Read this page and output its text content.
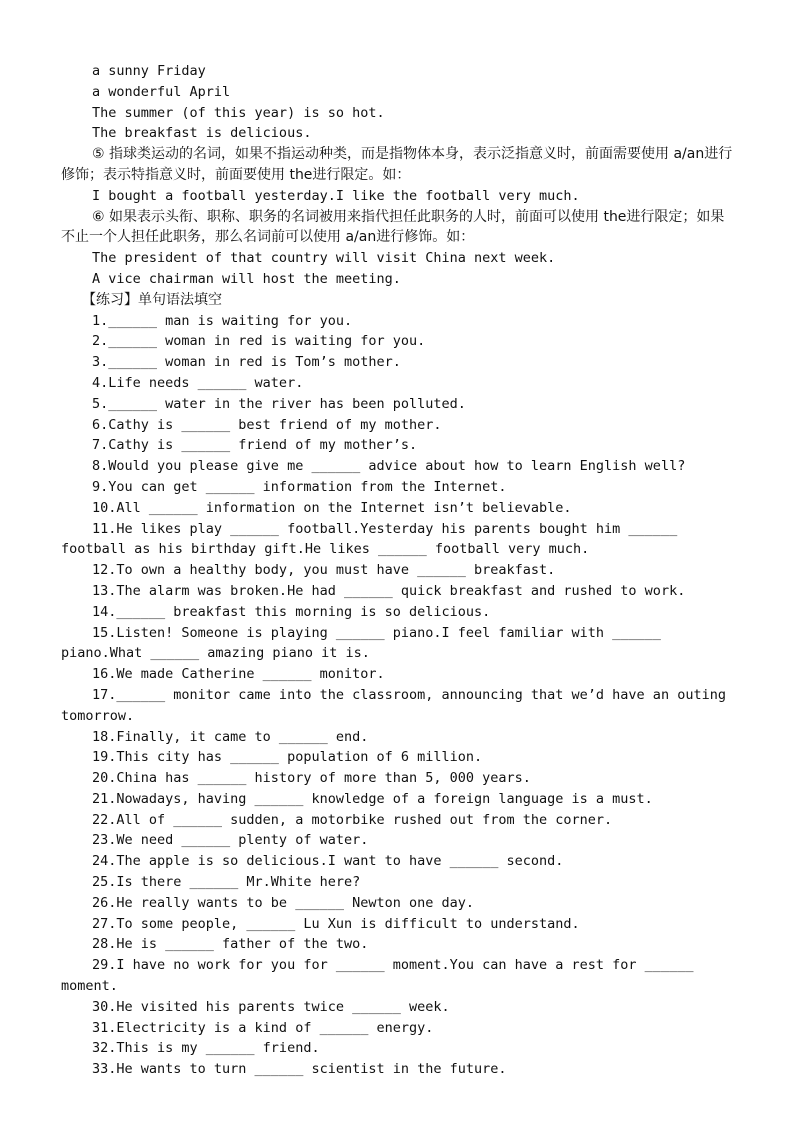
a sunny Friday

a wonderful April

The summer (of this year) is so hot.

The breakfast is delicious.

⑤ 指球类运动的名词，如果不指运动种类，而是指物体本身，表示泛指意义时，前面需要使用 a/an进行修饰；表示特指意义时，前面要使用 the进行限定。如：

I bought a football yesterday.I like the football very much.

⑥ 如果表示头衔、职称、职务的名词被用来指代担任此职务的人时，前面可以使用 the进行限定；如果不止一个人担任此职务，那么名词前可以使用 a/an进行修饰。如：

The president of that country will visit China next week.

A vice chairman will host the meeting.

【练习】单句语法填空

1.______ man is waiting for you.

2.______ woman in red is waiting for you.

3.______ woman in red is Tom’s mother.

4.Life needs ______ water.

5.______ water in the river has been polluted.

6.Cathy is ______ best friend of my mother.

7.Cathy is ______ friend of my mother’s.

8.Would you please give me ______ advice about how to learn English well?

9.You can get ______ information from the Internet.

10.All ______ information on the Internet isn’t believable.

11.He likes play ______ football.Yesterday his parents bought him ______ football as his birthday gift.He likes ______ football very much.

12.To own a healthy body, you must have ______ breakfast.

13.The alarm was broken.He had ______ quick breakfast and rushed to work.

14.______ breakfast this morning is so delicious.

15.Listen! Someone is playing ______ piano.I feel familiar with ______ piano.What ______ amazing piano it is.

16.We made Catherine ______ monitor.

17.______ monitor came into the classroom, announcing that we’d have an outing tomorrow.

18.Finally, it came to ______ end.

19.This city has ______ population of 6 million.

20.China has ______ history of more than 5, 000 years.

21.Nowadays, having ______ knowledge of a foreign language is a must.

22.All of ______ sudden, a motorbike rushed out from the corner.

23.We need ______ plenty of water.

24.The apple is so delicious.I want to have ______ second.

25.Is there ______ Mr.White here?

26.He really wants to be ______ Newton one day.

27.To some people, ______ Lu Xun is difficult to understand.

28.He is ______ father of the two.

29.I have no work for you for ______ moment.You can have a rest for ______ moment.

30.He visited his parents twice ______ week.

31.Electricity is a kind of ______ energy.

32.This is my ______ friend.

33.He wants to turn ______ scientist in the future.
